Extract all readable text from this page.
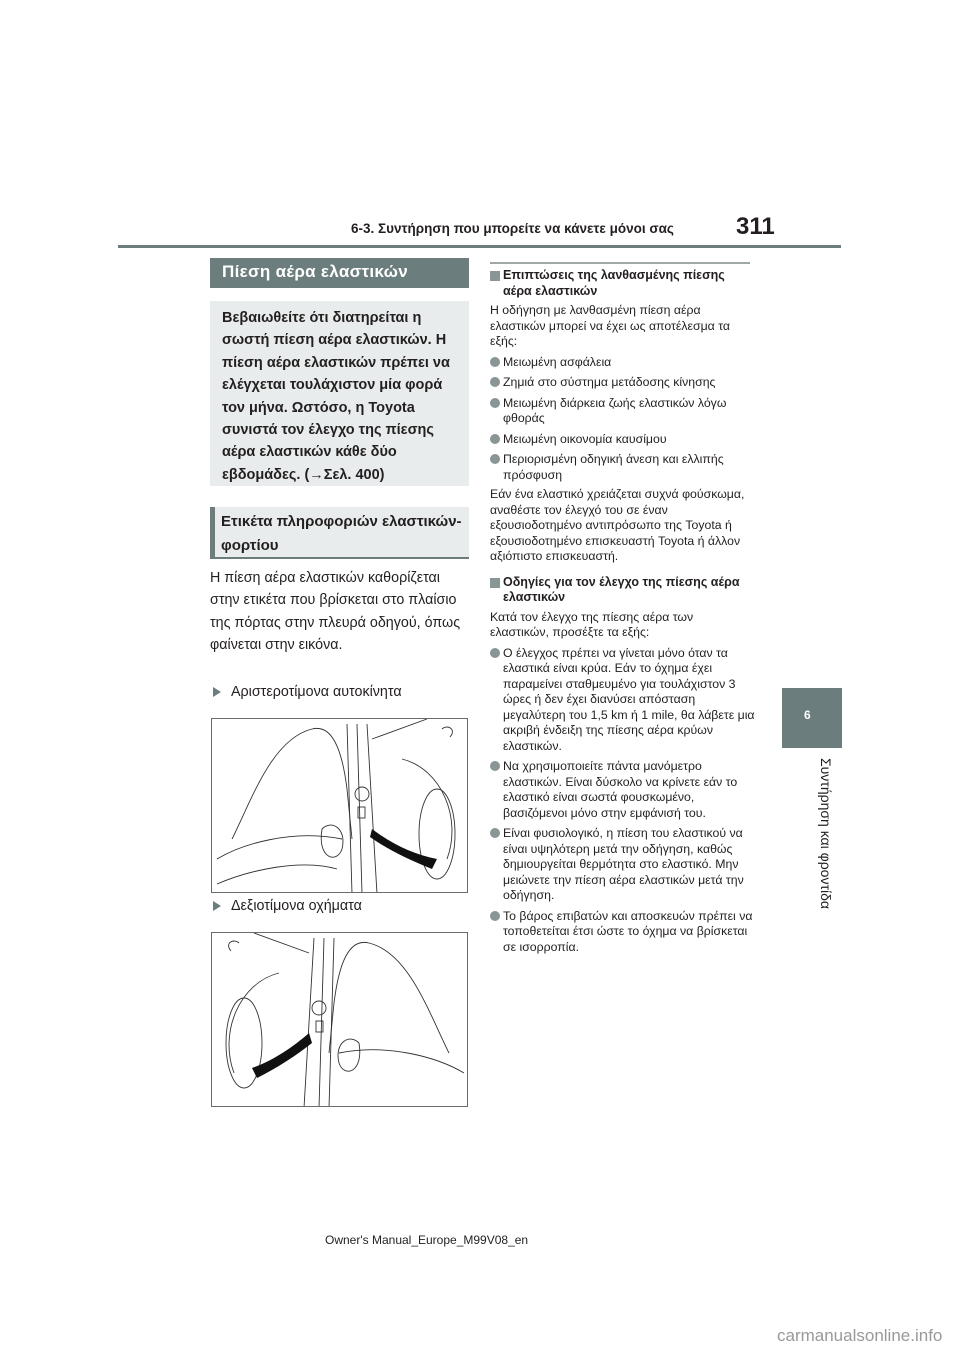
6-3. Συντήρηση που μπορείτε να κάνετε μόνοι σας	311
6
Συντήρηση και φροντίδα
Πίεση αέρα ελαστικών
Βεβαιωθείτε ότι διατηρείται η σωστή πίεση αέρα ελαστικών. Η πίεση αέρα ελαστικών πρέπει να ελέγχεται τουλάχιστον μία φορά τον μήνα. Ωστόσο, η Toyota συνιστά τον έλεγχο της πίεσης αέρα ελαστικών κάθε δύο εβδομάδες. (→Σελ. 400)
Ετικέτα πληροφοριών ελαστικών-φορτίου
Η πίεση αέρα ελαστικών καθορίζεται στην ετικέτα που βρίσκεται στο πλαίσιο της πόρτας στην πλευρά οδηγού, όπως φαίνεται στην εικόνα.
Αριστεροτίμονα αυτοκίνητα
Δεξιοτίμονα οχήματα
Επιπτώσεις της λανθασμένης πίεσης αέρα ελαστικών
Η οδήγηση με λανθασμένη πίεση αέρα ελαστικών μπορεί να έχει ως αποτέλεσμα τα εξής:
Μειωμένη ασφάλεια
Ζημιά στο σύστημα μετάδοσης κίνησης
Μειωμένη διάρκεια ζωής ελαστικών λόγω φθοράς
Μειωμένη οικονομία καυσίμου
Περιορισμένη οδηγική άνεση και ελλιπής πρόσφυση
Εάν ένα ελαστικό χρειάζεται συχνά φούσκωμα, αναθέστε τον έλεγχό του σε έναν εξουσιοδοτημένο αντιπρόσωπο της Toyota ή εξουσιοδοτημένο επισκευαστή Toyota ή άλλον αξιόπιστο επισκευαστή.
Οδηγίες για τον έλεγχο της πίεσης αέρα ελαστικών
Κατά τον έλεγχο της πίεσης αέρα των ελαστικών, προσέξτε τα εξής:
Ο έλεγχος πρέπει να γίνεται μόνο όταν τα ελαστικά είναι κρύα. Εάν το όχημα έχει παραμείνει σταθμευμένο για τουλάχιστον 3 ώρες ή δεν έχει διανύσει απόσταση μεγαλύτερη του 1,5 km ή 1 mile, θα λάβετε μια ακριβή ένδειξη της πίεσης αέρα κρύων ελαστικών.
Να χρησιμοποιείτε πάντα μανόμετρο ελαστικών. Είναι δύσκολο να κρίνετε εάν το ελαστικό είναι σωστά φουσκωμένο, βασιζόμενοι μόνο στην εμφάνισή του.
Είναι φυσιολογικό, η πίεση του ελαστικού να είναι υψηλότερη μετά την οδήγηση, καθώς δημιουργείται θερμότητα στο ελαστικό. Μην μειώνετε την πίεση αέρα ελαστικών μετά την οδήγηση.
Το βάρος επιβατών και αποσκευών πρέπει να τοποθετείται έτσι ώστε το όχημα να βρίσκεται σε ισορροπία.
Owner's Manual_Europe_M99V08_en
carmanualsonline.info
